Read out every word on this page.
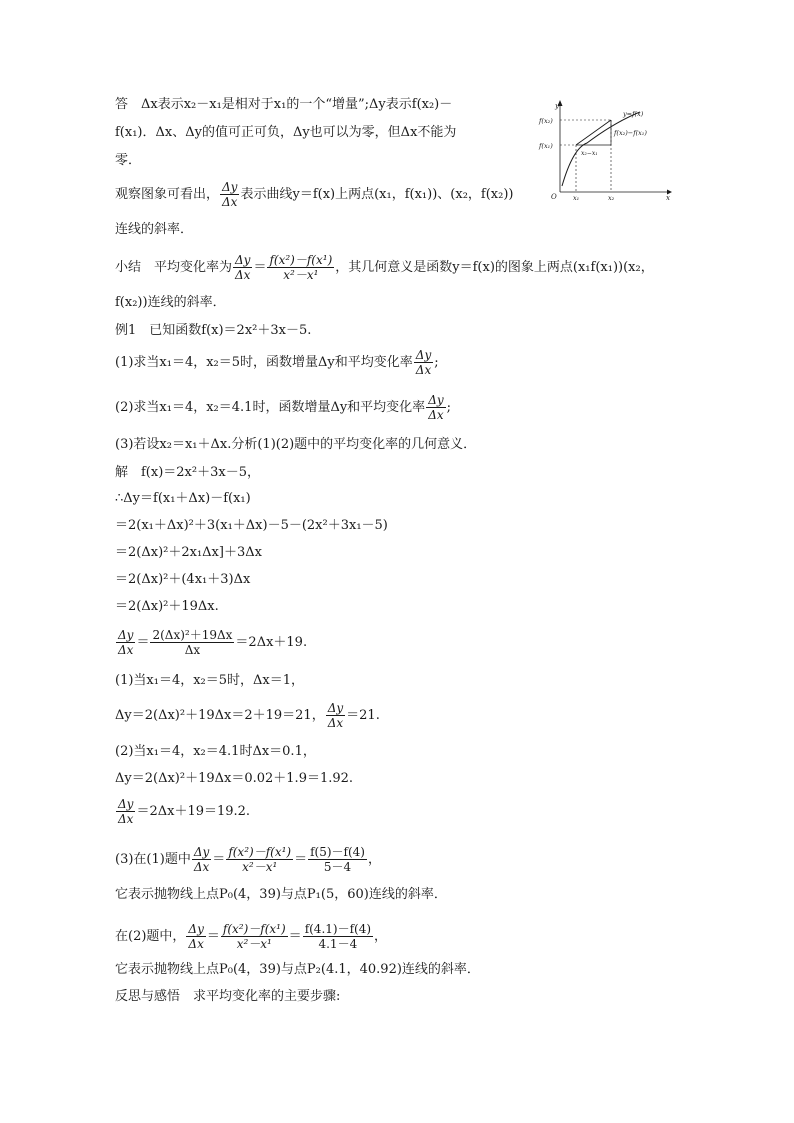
答　Δx表示x₂－x₁是相对于x₁的一个“增量”;Δy表示f(x₂)－
f(x₁)．Δx、Δy的值可正可负，Δy也可以为零，但Δx不能为
零．
y
x
O
y=f(x)
f(x₂)
f(x₁)
f(x₂)−f(x₁)
x₂−x₁
x₁	x₂
观察图象可看出， $\frac{\Delta y}{\Delta x}$ 表示曲线y＝f(x)上两点(x₁，f(x₁))、(x₂，f(x₂))
连线的斜率．
小结　平均变化率为 $\frac{\Delta y}{\Delta x} = \frac{\text{f(x²)－f(x¹)}}{\text{x²－x¹}}$ ，其几何意义是函数y＝f(x)的图象上两点(x₁f(x₁))(x₂，
f(x₂))连线的斜率．
例1　已知函数f(x)＝2x²＋3x－5.
(1)求当x₁＝4，x₂＝5时，函数增量Δy和平均变化率 $\frac{\Delta y}{\Delta x}$ ;
(2)求当x₁＝4，x₂＝4.1时，函数增量Δy和平均变化率 $\frac{\Delta y}{\Delta x}$ ;
(3)若设x₂＝x₁＋Δx.分析(1)(2)题中的平均变化率的几何意义．
解　f(x)＝2x²＋3x－5，
∴Δy＝f(x₁＋Δx)－f(x₁)
＝2(x₁＋Δx)²＋3(x₁＋Δx)－5－(2x²＋3x₁－5)
＝2(Δx)²＋2x₁Δx]＋3Δx
＝2(Δx)²＋(4x₁＋3)Δx
＝2(Δx)²＋19Δx.
$\frac{\Delta y}{\Delta x} = \frac{\text{2(Δx)²＋19Δx}}{\Delta x} =2\Delta x+19$.
(1)当x₁＝4，x₂＝5时，Δx＝1，
Δy＝2(Δx)²＋19Δx＝2＋19＝21， $\frac{\Delta y}{\Delta x} =21$.
(2)当x₁＝4，x₂＝4.1时Δx＝0.1，
Δy＝2(Δx)²＋19Δx＝0.02＋1.9＝1.92.
$\frac{\Delta y}{\Delta x} =2\Delta x+19=19.2$.
(3)在(1)题中 $\frac{\Delta y}{\Delta x} = \frac{\text{f(x²)－f(x¹)}}{\text{x²－x¹}} = \frac{f(5)-f(4)}{5-4}$ ，
它表示抛物线上点P₀(4，39)与点P₁(5，60)连线的斜率．
在(2)题中， $\frac{\Delta y}{\Delta x} = \frac{\text{f(x²)－f(x¹)}}{\text{x²－x¹}} = \frac{f(4.1)-f(4)}{4.1-4}$ ，
它表示抛物线上点P₀(4，39)与点P₂(4.1，40.92)连线的斜率．
反思与感悟　求平均变化率的主要步骤:
